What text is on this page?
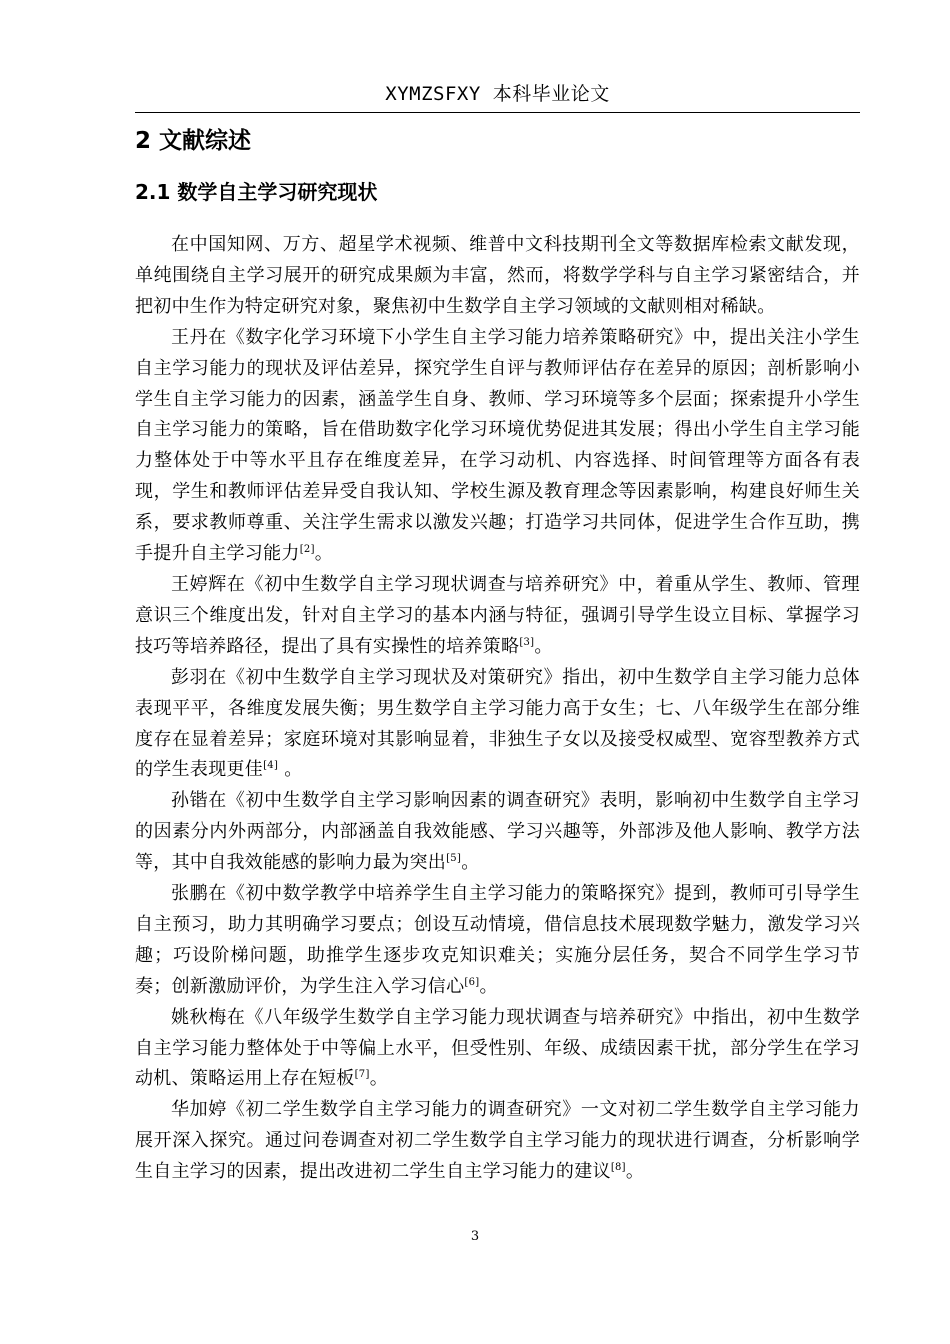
XYMZSFXY 本科毕业论文
2 文献综述
2.1 数学自主学习研究现状

在中国知网、万方、超星学术视频、维普中文科技期刊全文等数据库检索文献发现，单纯围绕自主学习展开的研究成果颇为丰富，然而，将数学学科与自主学习紧密结合，并把初中生作为特定研究对象，聚焦初中生数学自主学习领域的文献则相对稀缺。

王丹在《数字化学习环境下小学生自主学习能力培养策略研究》中，提出关注小学生自主学习能力的现状及评估差异，探究学生自评与教师评估存在差异的原因；剖析影响小学生自主学习能力的因素，涵盖学生自身、教师、学习环境等多个层面；探索提升小学生自主学习能力的策略，旨在借助数字化学习环境优势促进其发展；得出小学生自主学习能力整体处于中等水平且存在维度差异，在学习动机、内容选择、时间管理等方面各有表现，学生和教师评估差异受自我认知、学校生源及教育理念等因素影响，构建良好师生关系，要求教师尊重、关注学生需求以激发兴趣；打造学习共同体，促进学生合作互助，携手提升自主学习能力[2]。

王婷辉在《初中生数学自主学习现状调查与培养研究》中，着重从学生、教师、管理意识三个维度出发，针对自主学习的基本内涵与特征，强调引导学生设立目标、掌握学习技巧等培养路径，提出了具有实操性的培养策略[3]。

彭羽在《初中生数学自主学习现状及对策研究》指出，初中生数学自主学习能力总体表现平平，各维度发展失衡；男生数学自主学习能力高于女生；七、八年级学生在部分维度存在显着差异；家庭环境对其影响显着，非独生子女以及接受权威型、宽容型教养方式的学生表现更佳[4] 。

孙锴在《初中生数学自主学习影响因素的调查研究》表明，影响初中生数学自主学习的因素分内外两部分，内部涵盖自我效能感、学习兴趣等，外部涉及他人影响、教学方法等，其中自我效能感的影响力最为突出[5]。

张鹏在《初中数学教学中培养学生自主学习能力的策略探究》提到，教师可引导学生自主预习，助力其明确学习要点；创设互动情境，借信息技术展现数学魅力，激发学习兴趣；巧设阶梯问题，助推学生逐步攻克知识难关；实施分层任务，契合不同学生学习节奏；创新激励评价，为学生注入学习信心[6]。

姚秋梅在《八年级学生数学自主学习能力现状调查与培养研究》中指出，初中生数学自主学习能力整体处于中等偏上水平，但受性别、年级、成绩因素干扰，部分学生在学习动机、策略运用上存在短板[7]。

华加婷《初二学生数学自主学习能力的调查研究》一文对初二学生数学自主学习能力展开深入探究。通过问卷调查对初二学生数学自主学习能力的现状进行调查，分析影响学生自主学习的因素，提出改进初二学生自主学习能力的建议[8]。

3
